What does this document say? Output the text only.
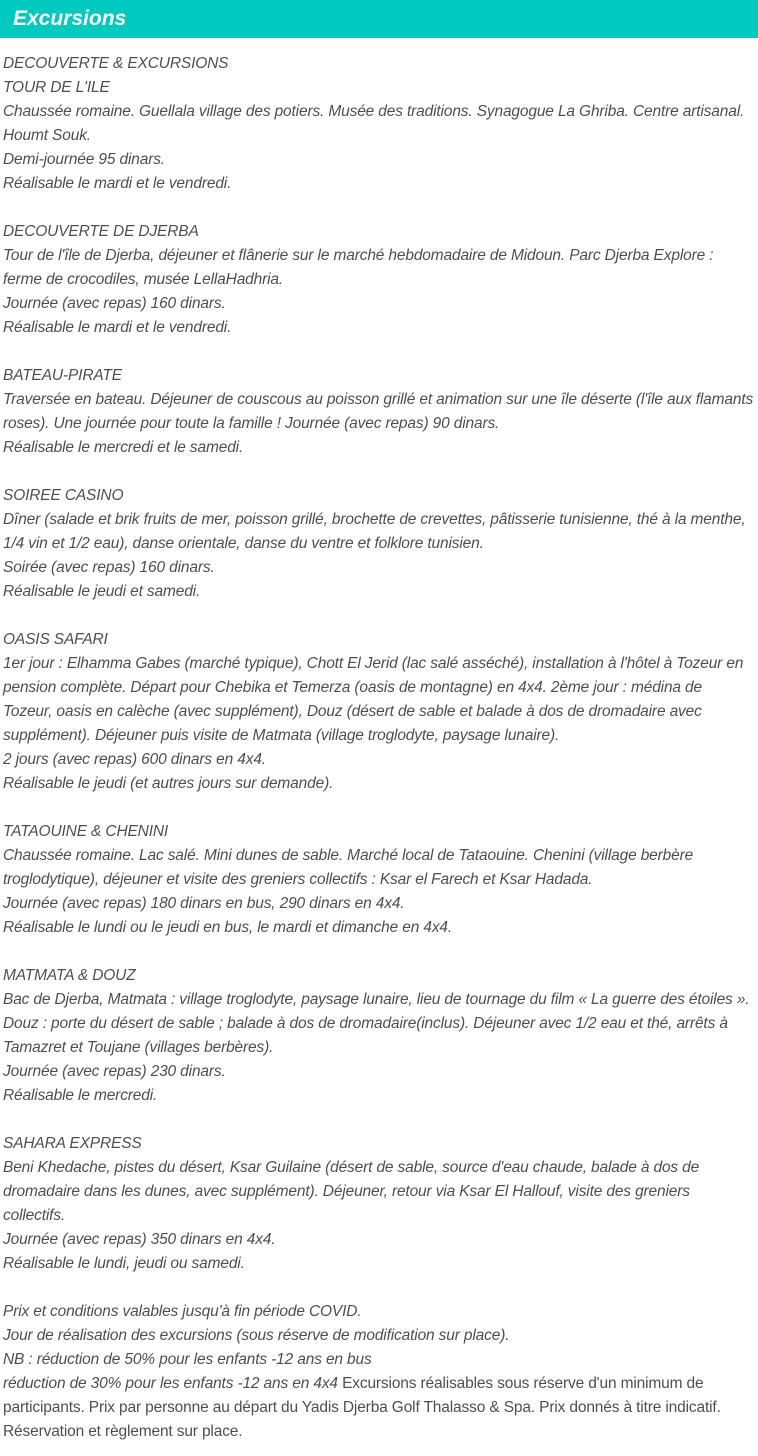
Excursions

DECOUVERTE & EXCURSIONS

TOUR DE L'ILE

Chaussée romaine. Guellala village des potiers. Musée des traditions. Synagogue La Ghriba. Centre artisanal. Houmt Souk.

Demi-journée 95 dinars.

Réalisable le mardi et le vendredi.

DECOUVERTE DE DJERBA

Tour de l'île de Djerba, déjeuner et flânerie sur le marché hebdomadaire de Midoun. Parc Djerba Explore : ferme de crocodiles, musée LellaHadhria.

Journée (avec repas) 160 dinars.

Réalisable le mardi et le vendredi.

BATEAU-PIRATE

Traversée en bateau. Déjeuner de couscous au poisson grillé et animation sur une île déserte (l'île aux flamants roses). Une journée pour toute la famille ! Journée (avec repas) 90 dinars.

Réalisable le mercredi et le samedi.

SOIREE CASINO

Dîner (salade et brik fruits de mer, poisson grillé, brochette de crevettes, pâtisserie tunisienne, thé à la menthe, 1/4 vin et 1/2 eau), danse orientale, danse du ventre et folklore tunisien.

Soirée (avec repas) 160 dinars.

Réalisable le jeudi et samedi.

OASIS SAFARI

1er jour : Elhamma Gabes (marché typique), Chott El Jerid (lac salé asséché), installation à l'hôtel à Tozeur en pension complète. Départ pour Chebika et Temerza (oasis de montagne) en 4x4. 2ème jour : médina de Tozeur, oasis en calèche (avec supplément), Douz (désert de sable et balade à dos de dromadaire avec supplément). Déjeuner puis visite de Matmata (village troglodyte, paysage lunaire).

2 jours (avec repas) 600 dinars en 4x4.

Réalisable le jeudi (et autres jours sur demande).

TATAOUINE & CHENINI

Chaussée romaine. Lac salé. Mini dunes de sable. Marché local de Tataouine. Chenini (village berbère troglodytique), déjeuner et visite des greniers collectifs : Ksar el Farech et Ksar Hadada.

Journée (avec repas) 180 dinars en bus, 290 dinars en 4x4.

Réalisable le lundi ou le jeudi en bus, le mardi et dimanche en 4x4.

MATMATA & DOUZ

Bac de Djerba, Matmata : village troglodyte, paysage lunaire, lieu de tournage du film « La guerre des étoiles ». Douz : porte du désert de sable ; balade à dos de dromadaire(inclus). Déjeuner avec 1/2 eau et thé, arrêts à Tamazret et Toujane (villages berbères).

Journée (avec repas) 230 dinars.

Réalisable le mercredi.

SAHARA EXPRESS

Beni Khedache, pistes du désert, Ksar Guilaine (désert de sable, source d'eau chaude, balade à dos de dromadaire dans les dunes, avec supplément). Déjeuner, retour via Ksar El Hallouf, visite des greniers collectifs.

Journée (avec repas) 350 dinars en 4x4.

Réalisable le lundi, jeudi ou samedi.

Prix et conditions valables jusqu'à fin période COVID.

Jour de réalisation des excursions (sous réserve de modification sur place).

NB : réduction de 50% pour les enfants -12 ans en bus

réduction de 30% pour les enfants -12 ans en 4x4 Excursions réalisables sous réserve d'un minimum de participants. Prix par personne au départ du Yadis Djerba Golf Thalasso & Spa. Prix donnés à titre indicatif. Réservation et règlement sur place.
